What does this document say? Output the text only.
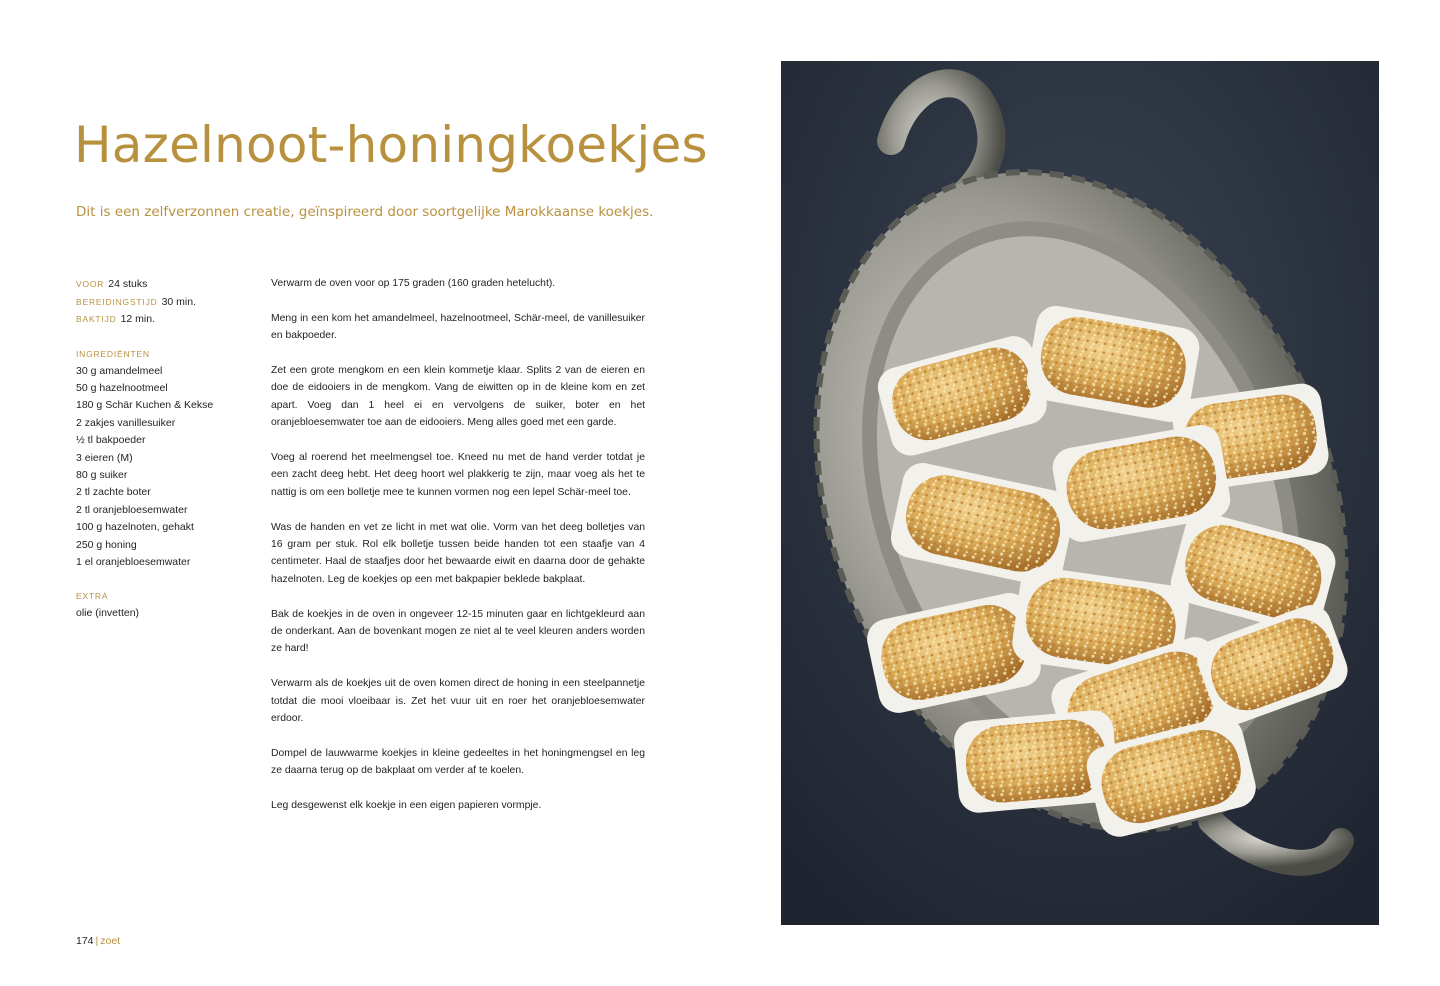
Hazelnoot-honingkoekjes

Dit is een zelfverzonnen creatie, geïnspireerd door soortgelijke Marokkaanse koekjes.

VOOR 24 stuks
BEREIDINGSTIJD 30 min.
BAKTIJD 12 min.
INGREDIËNTEN
30 g amandelmeel
50 g hazelnootmeel
180 g Schär Kuchen & Kekse
2 zakjes vanillesuiker
½ tl bakpoeder
3 eieren (M)
80 g suiker
2 tl zachte boter
2 tl oranjebloesemwater
100 g hazelnoten, gehakt
250 g honing
1 el oranjebloesemwater
EXTRA
olie (invetten)

Verwarm de oven voor op 175 graden (160 graden hetelucht).

Meng in een kom het amandelmeel, hazelnootmeel, Schär-meel, de vanillesuiker en bakpoeder.

Zet een grote mengkom en een klein kommetje klaar. Splits 2 van de eieren en doe de eidooiers in de mengkom. Vang de eiwitten op in de kleine kom en zet apart. Voeg dan 1 heel ei en vervolgens de suiker, boter en het oranjebloesemwater toe aan de eidooiers. Meng alles goed met een garde.

Voeg al roerend het meelmengsel toe. Kneed nu met de hand verder totdat je een zacht deeg hebt. Het deeg hoort wel plakkerig te zijn, maar voeg als het te nattig is om een bolletje mee te kunnen vormen nog een lepel Schär-meel toe.

Was de handen en vet ze licht in met wat olie. Vorm van het deeg bolletjes van 16 gram per stuk. Rol elk bolletje tussen beide handen tot een staafje van 4 centimeter. Haal de staafjes door het bewaarde eiwit en daarna door de gehakte hazelnoten. Leg de koekjes op een met bakpapier beklede bakplaat.

Bak de koekjes in de oven in ongeveer 12-15 minuten gaar en lichtgekleurd aan de onderkant. Aan de bovenkant mogen ze niet al te veel kleuren anders worden ze hard!

Verwarm als de koekjes uit de oven komen direct de honing in een steelpannetje totdat die mooi vloeibaar is. Zet het vuur uit en roer het oranjebloesemwater erdoor.

Dompel de lauwwarme koekjes in kleine gedeeltes in het honingmengsel en leg ze daarna terug op de bakplaat om verder af te koelen.

Leg desgewenst elk koekje in een eigen papieren vormpje.

174 | zoet
